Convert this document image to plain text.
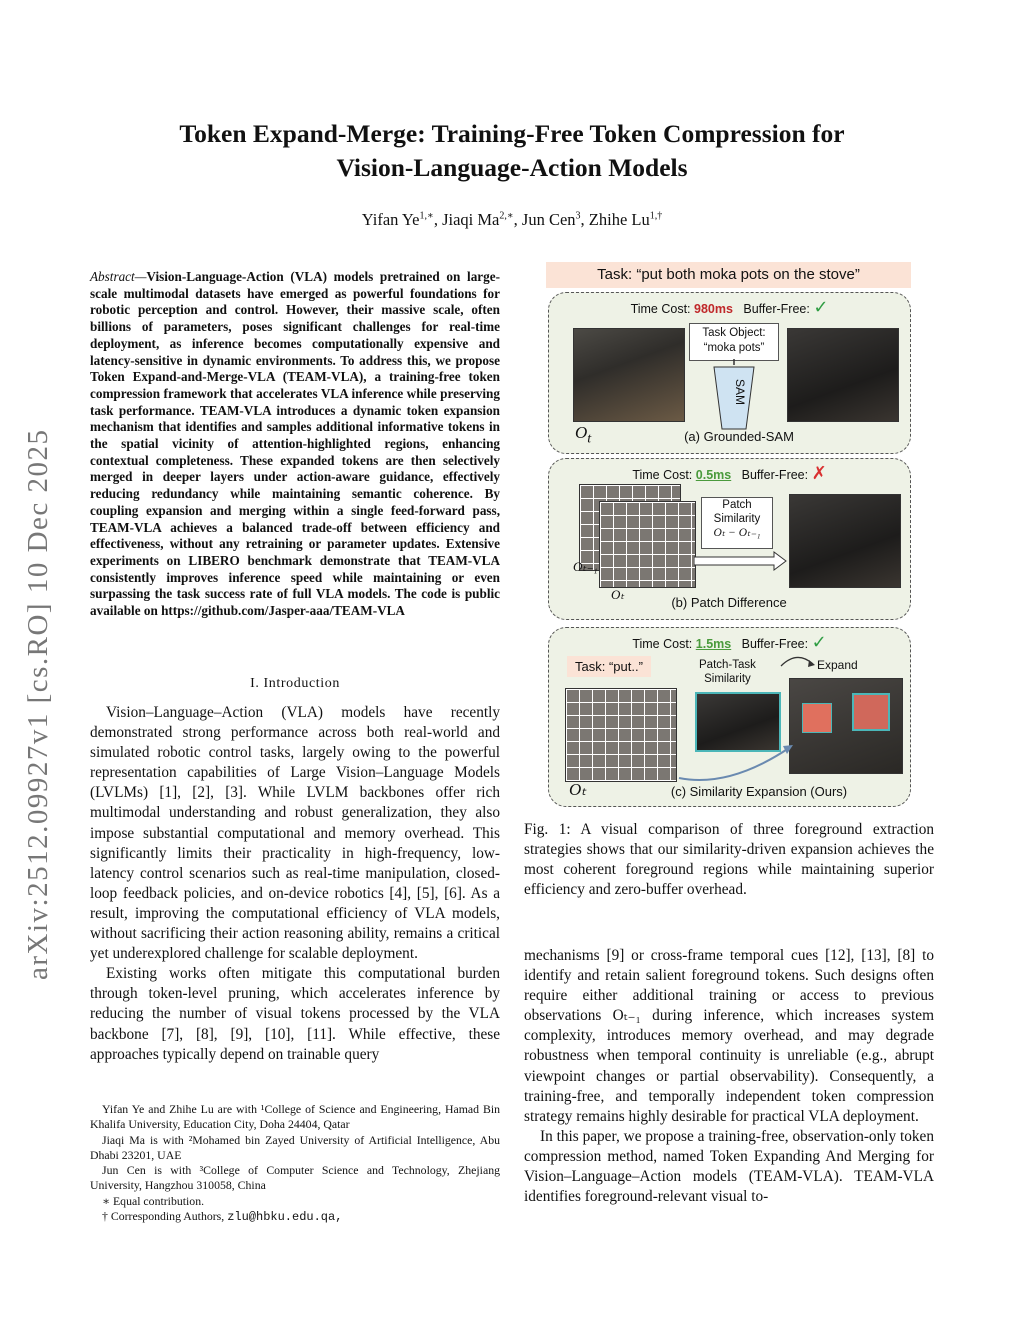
arXiv:2512.09927v1 [cs.RO] 10 Dec 2025
Token Expand-Merge: Training-Free Token Compression for
Vision-Language-Action Models
Yifan $Ye^{1,∗}$, Jiaqi $Ma^{2,∗}$, Jun Cen$^3$, Zhihe $Lu^{1,\dagger}$
Abstract—Vision-Language-Action (VLA) models pretrained on large-scale multimodal datasets have emerged as powerful foundations for robotic perception and control. However, their massive scale, often billions of parameters, poses significant challenges for real-time deployment, as inference becomes computationally expensive and latency-sensitive in dynamic environments. To address this, we propose Token Expand-and-Merge-VLA (TEAM-VLA), a training-free token compression framework that accelerates VLA inference while preserving task performance. TEAM-VLA introduces a dynamic token expansion mechanism that identifies and samples additional informative tokens in the spatial vicinity of attention-highlighted regions, enhancing contextual completeness. These expanded tokens are then selectively merged in deeper layers under action-aware guidance, effectively reducing redundancy while maintaining semantic coherence. By coupling expansion and merging within a single feed-forward pass, TEAM-VLA achieves a balanced trade-off between efficiency and effectiveness, without any retraining or parameter updates. Extensive experiments on LIBERO benchmark demonstrate that TEAM-VLA consistently improves inference speed while maintaining or even surpassing the task success rate of full VLA models. The code is public available on https://github.com/Jasper-aaa/TEAM-VLA
I. Introduction

Vision–Language–Action (VLA) models have recently demonstrated strong performance across both real-world and simulated robotic control tasks, largely owing to the powerful representation capabilities of Large Vision–Language Models (LVLMs) [1], [2], [3]. While LVLM backbones offer rich multimodal understanding and robust generalization, they also impose substantial computational and memory overhead. This significantly limits their practicality in high-frequency, low-latency control scenarios such as real-time manipulation, closed-loop feedback policies, and on-device robotics [4], [5], [6]. As a result, improving the computational efficiency of VLA models, without sacrificing their action reasoning ability, remains a critical yet underexplored challenge for scalable deployment.

Existing works often mitigate this computational burden through token-level pruning, which accelerates inference by reducing the number of visual tokens processed by the VLA backbone [7], [8], [9], [10], [11]. While effective, these approaches typically depend on trainable query

Yifan Ye and Zhihe Lu are with ¹College of Science and Engineering, Hamad Bin Khalifa University, Education City, Doha 24404, Qatar

Jiaqi Ma is with ²Mohamed bin Zayed University of Artificial Intelligence, Abu Dhabi 23201, UAE

Jun Cen is with ³College of Computer Science and Technology, Zhejiang University, Hangzhou 310058, China

∗ Equal contribution.

† Corresponding Authors, zlu@hbku.edu.qa,

Task: “put both moka pots on the stove”
Time Cost: 980ms Buffer-Free: ✓
Task Object:
“moka pots”
SAM
$O_t$	(a) Grounded-SAM
Time Cost: 0.5ms Buffer-Free: ✗
Oₜ₋₁
Oₜ
Patch
Similarity
Oₜ − Oₜ₋₁
(b) Patch Difference
Time Cost: 1.5ms Buffer-Free: ✓
Task: “put..”
Oₜ
Patch-Task
Similarity
Expand
(c) Similarity Expansion (Ours)
Fig. 1: A visual comparison of three foreground extraction strategies shows that our similarity-driven expansion achieves the most coherent foreground regions while maintaining superior efficiency and zero-buffer overhead.

mechanisms [9] or cross-frame temporal cues [12], [13], [8] to identify and retain salient foreground tokens. Such designs often require either additional training or access to previous observations Oₜ₋₁ during inference, which increases system complexity, introduces memory overhead, and may degrade robustness when temporal continuity is unreliable (e.g., abrupt viewpoint changes or partial observability). Consequently, a training-free, and temporally independent token compression strategy remains highly desirable for practical VLA deployment.

In this paper, we propose a training-free, observation-only token compression method, named Token Expanding And Merging for Vision–Language–Action models (TEAM-VLA). TEAM-VLA identifies foreground-relevant visual to-
